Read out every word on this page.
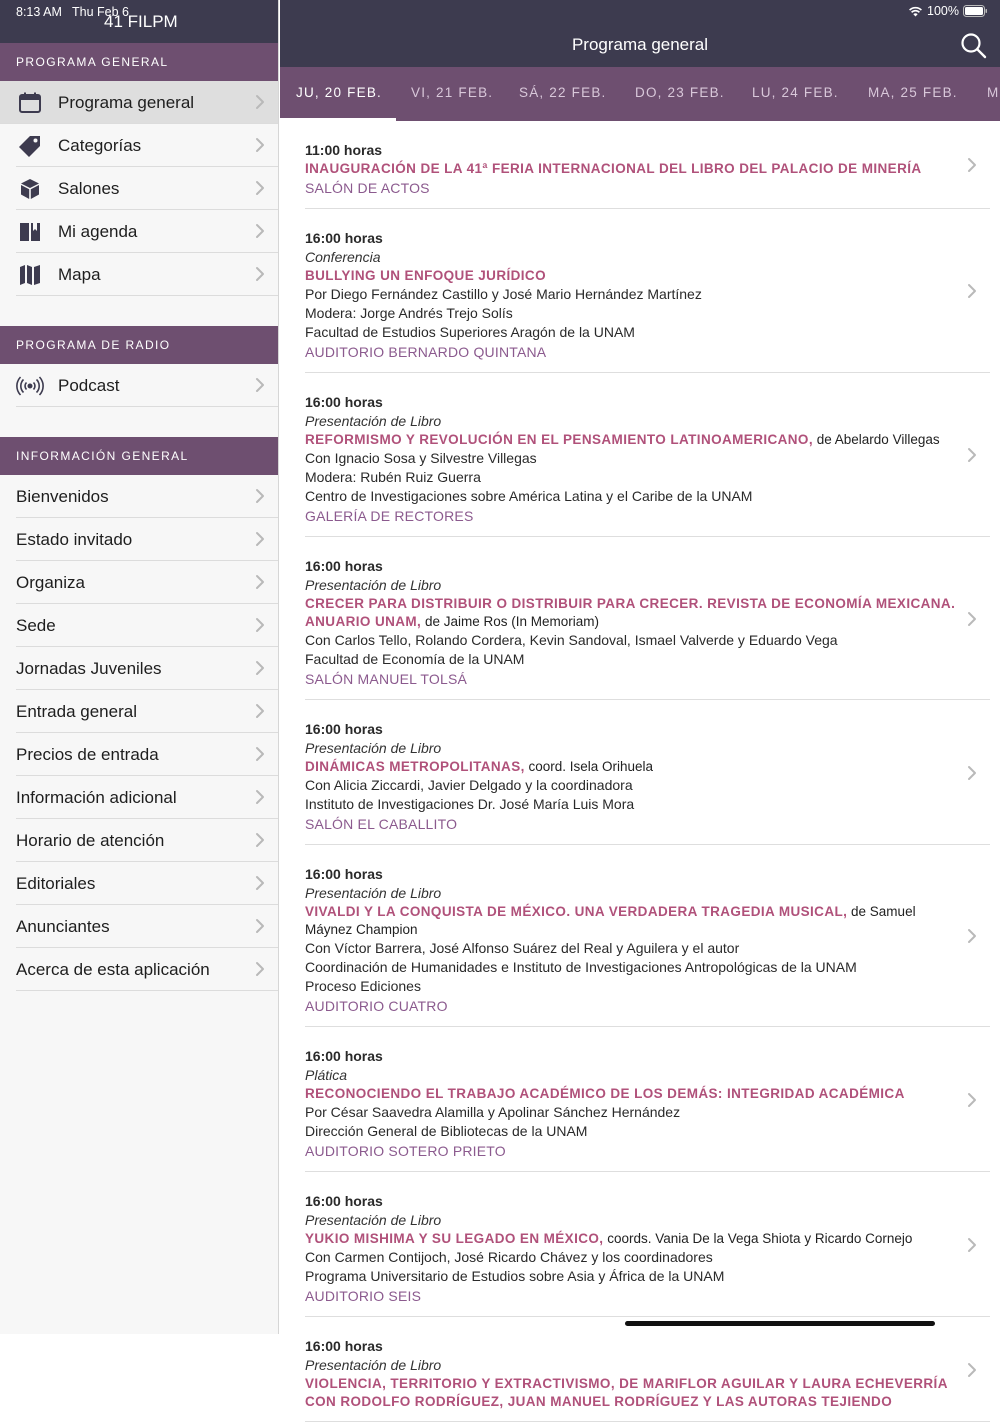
8:13 AM Thu Feb 6
41 FILPM
PROGRAMA GENERAL
Programa general
Categorías
Salones
Mi agenda
Mapa
PROGRAMA DE RADIO
Podcast
INFORMACIÓN GENERAL
Bienvenidos
Estado invitado
Organiza
Sede
Jornadas Juveniles
Entrada general
Precios de entrada
Información adicional
Horario de atención
Editoriales
Anunciantes
Acerca de esta aplicación
100%
Programa general
JU, 20 FEB. VI, 21 FEB. SÁ, 22 FEB. DO, 23 FEB. LU, 24 FEB. MA, 25 FEB. M
11:00 horas
INAUGURACIÓN DE LA 41ª FERIA INTERNACIONAL DEL LIBRO DEL PALACIO DE MINERÍA
SALÓN DE ACTOS
16:00 horas
Conferencia
BULLYING UN ENFOQUE JURÍDICO
Por Diego Fernández Castillo y José Mario Hernández Martínez
Modera: Jorge Andrés Trejo Solís
Facultad de Estudios Superiores Aragón de la UNAM
AUDITORIO BERNARDO QUINTANA
16:00 horas
Presentación de Libro
REFORMISMO Y REVOLUCIÓN EN EL PENSAMIENTO LATINOAMERICANO, de Abelardo Villegas
Con Ignacio Sosa y Silvestre Villegas
Modera: Rubén Ruiz Guerra
Centro de Investigaciones sobre América Latina y el Caribe de la UNAM
GALERÍA DE RECTORES
16:00 horas
Presentación de Libro
CRECER PARA DISTRIBUIR O DISTRIBUIR PARA CRECER. REVISTA DE ECONOMÍA MEXICANA. ANUARIO UNAM, de Jaime Ros (In Memoriam)
Con Carlos Tello, Rolando Cordera, Kevin Sandoval, Ismael Valverde y Eduardo Vega
Facultad de Economía de la UNAM
SALÓN MANUEL TOLSÁ
16:00 horas
Presentación de Libro
DINÁMICAS METROPOLITANAS, coord. Isela Orihuela
Con Alicia Ziccardi, Javier Delgado y la coordinadora
Instituto de Investigaciones Dr. José María Luis Mora
SALÓN EL CABALLITO
16:00 horas
Presentación de Libro
VIVALDI Y LA CONQUISTA DE MÉXICO. UNA VERDADERA TRAGEDIA MUSICAL, de Samuel Máynez Champion
Con Víctor Barrera, José Alfonso Suárez del Real y Aguilera y el autor
Coordinación de Humanidades e Instituto de Investigaciones Antropológicas de la UNAM
Proceso Ediciones
AUDITORIO CUATRO
16:00 horas
Plática
RECONOCIENDO EL TRABAJO ACADÉMICO DE LOS DEMÁS: INTEGRIDAD ACADÉMICA
Por César Saavedra Alamilla y Apolinar Sánchez Hernández
Dirección General de Bibliotecas de la UNAM
AUDITORIO SOTERO PRIETO
16:00 horas
Presentación de Libro
YUKIO MISHIMA Y SU LEGADO EN MÉXICO, coords. Vania De la Vega Shiota y Ricardo Cornejo
Con Carmen Contijoch, José Ricardo Chávez y los coordinadores
Programa Universitario de Estudios sobre Asia y África de la UNAM
AUDITORIO SEIS
16:00 horas
Presentación de Libro
VIOLENCIA, TERRITORIO Y EXTRACTIVISMO, DE MARIFLOR AGUILAR Y LAURA ECHEVERRÍA CON RODOLFO RODRÍGUEZ, JUAN MANUEL RODRÍGUEZ Y LAS AUTORAS TEJIENDO
